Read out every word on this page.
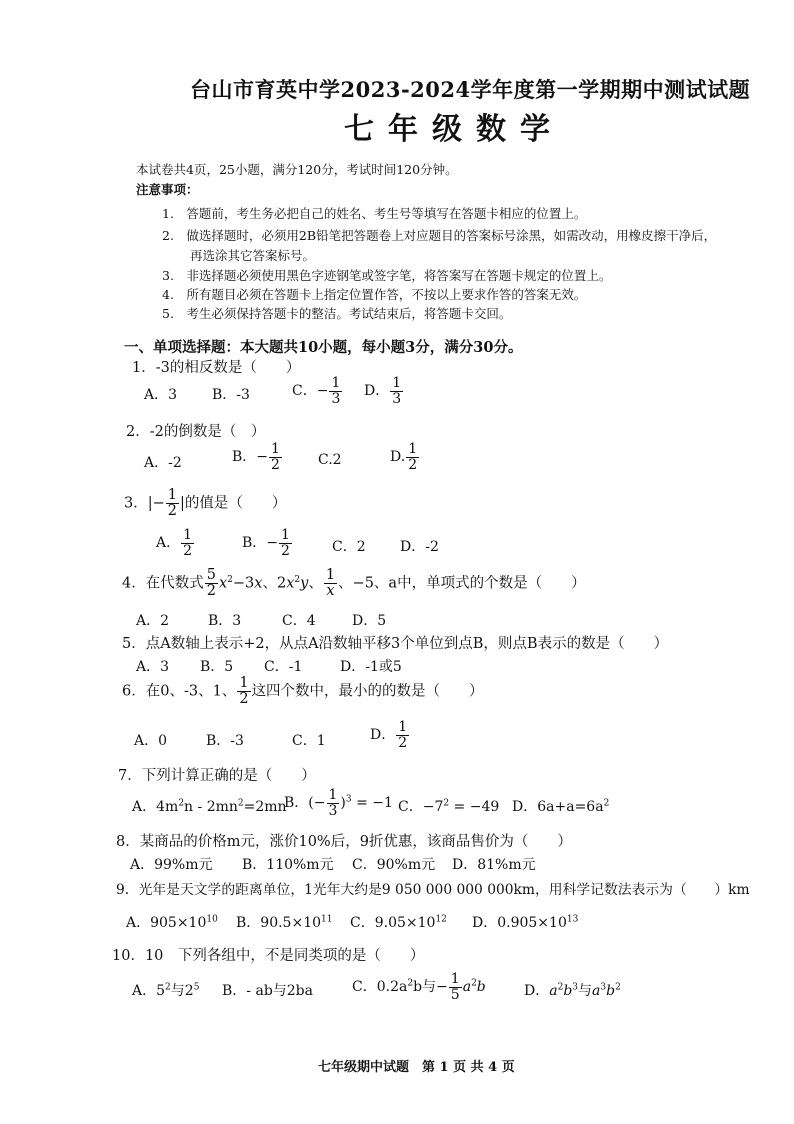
台山市育英中学2023-2024学年度第一学期期中测试试题
七年级数学
本试卷共4页，25小题，满分120分，考试时间120分钟。
注意事项：
1.　答题前，考生务必把自己的姓名、考生号等填写在答题卡相应的位置上。
2.　做选择题时，必须用2B铅笔把答题卷上对应题目的答案标号涂黑，如需改动，用橡皮擦干净后，
再选涂其它答案标号。
3.　非选择题必须使用黑色字迹钢笔或签字笔，将答案写在答题卡规定的位置上。
4.　所有题目必须在答题卡上指定位置作答，不按以上要求作答的答案无效。
5.　考生必须保持答题卡的整洁。考试结束后，将答题卡交回。
一、单项选择题：本大题共10小题，每小题3分，满分30分。
1．-3的相反数是（　　）
A．3 B．-3	C．− $\frac{1}{3}$ D． $\frac{1}{3}$
2．-2的倒数是（　）
A．-2	B．− $\frac{1}{2}$	C.2	D. $\frac{1}{2}$
3．|− $\frac{1}{2}$ |的值是（　　）
A． $\frac{1}{2}$	B．− $\frac{1}{2}$	C．2 D．-2
4．在代数式 $\frac{5}{2} x^2-3x$、$2x^2y$、 $\frac{1}{x}$ 、−5、a中，单项式的个数是（　　）
A．2	B．3	C．4	D．5
5．点A数轴上表示+2，从点A沿数轴平移3个单位到点B，则点B表示的数是（　　）
A．3 B．5 C．-1	D．-1或5
6．在0、-3、1、 $\frac{1}{2}$ 这四个数中，最小的的数是（　　）
A．0	B．-3	C．1	D． $\frac{1}{2}$
7．下列计算正确的是（　　）
A．$4m^2n - 2mn^2=2mn$
B．(− $\frac{1}{3} )^3 = -1$ C．$-7^2 = -49$ D．$6a+a=6a^2$
8．某商品的价格m元，涨价10%后，9折优惠，该商品售价为（　　）
A．99%m元 B．110%m元 C．90%m元 D．81%m元
9．光年是天文学的距离单位，1光年大约是9 050 000 000 000km，用科学记数法表示为（　　）km
A．$905\times 10^{10}$ B．$90.5\times 10^{11}$ C．$9.05\times 10^{12}$ D．$0.905\times 10^{13}$
10．10　下列各组中，不是同类项的是（　　）
A．$5^2$与$2^5$ B．- ab与2ba	C．$0.2a^2b$与− $\frac{1}{5} a^2b$	D．$a^2b^3$与$a^3b^2$
七年级期中试题　第 1 页 共 4 页
